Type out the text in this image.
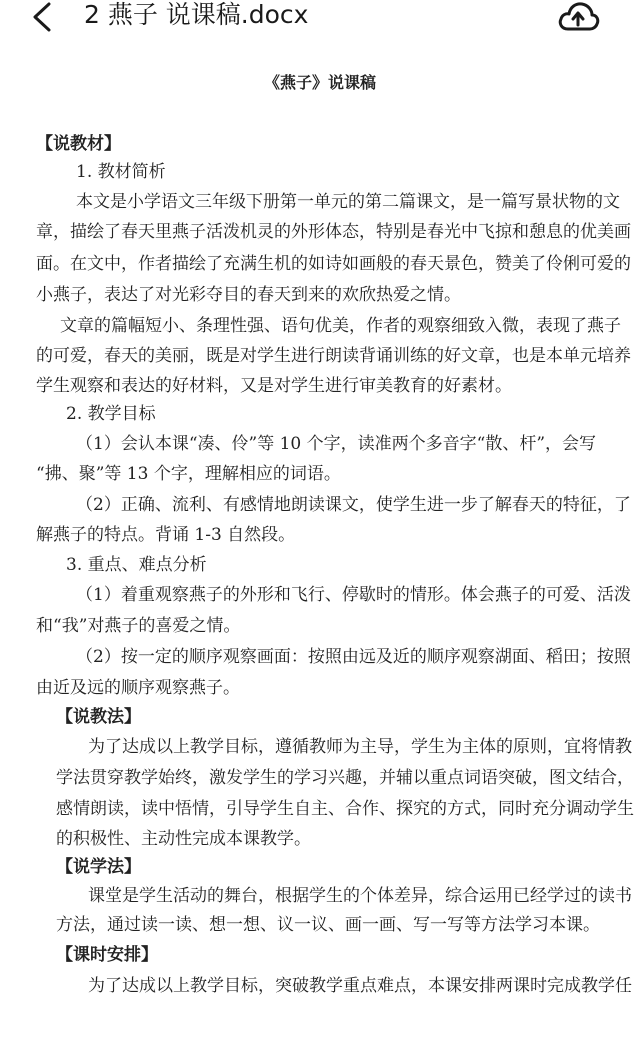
2 燕子 说课稿.docx
《燕子》说课稿
【说教材】
1. 教材简析
本文是小学语文三年级下册第一单元的第二篇课文，是一篇写景状物的文
章，描绘了春天里燕子活泼机灵的外形体态，特别是春光中飞掠和憩息的优美画
面。在文中，作者描绘了充满生机的如诗如画般的春天景色，赞美了伶俐可爱的
小燕子，表达了对光彩夺目的春天到来的欢欣热爱之情。
文章的篇幅短小、条理性强、语句优美，作者的观察细致入微，表现了燕子
的可爱，春天的美丽，既是对学生进行朗读背诵训练的好文章，也是本单元培养
学生观察和表达的好材料，又是对学生进行审美教育的好素材。
2. 教学目标
（1）会认本课“凑、伶”等 10 个字，读准两个多音字“散、杆”，会写
“拂、聚”等 13 个字，理解相应的词语。
（2）正确、流利、有感情地朗读课文，使学生进一步了解春天的特征，了
解燕子的特点。背诵 1-3 自然段。
3. 重点、难点分析
（1）着重观察燕子的外形和飞行、停歇时的情形。体会燕子的可爱、活泼
和“我”对燕子的喜爱之情。
（2）按一定的顺序观察画面：按照由远及近的顺序观察湖面、稻田；按照
由近及远的顺序观察燕子。
【说教法】
为了达成以上教学目标，遵循教师为主导，学生为主体的原则，宜将情教
学法贯穿教学始终，激发学生的学习兴趣，并辅以重点词语突破，图文结合，
感情朗读，读中悟情，引导学生自主、合作、探究的方式，同时充分调动学生
的积极性、主动性完成本课教学。
【说学法】
课堂是学生活动的舞台，根据学生的个体差异，综合运用已经学过的读书
方法，通过读一读、想一想、议一议、画一画、写一写等方法学习本课。
【课时安排】
为了达成以上教学目标，突破教学重点难点，本课安排两课时完成教学任
